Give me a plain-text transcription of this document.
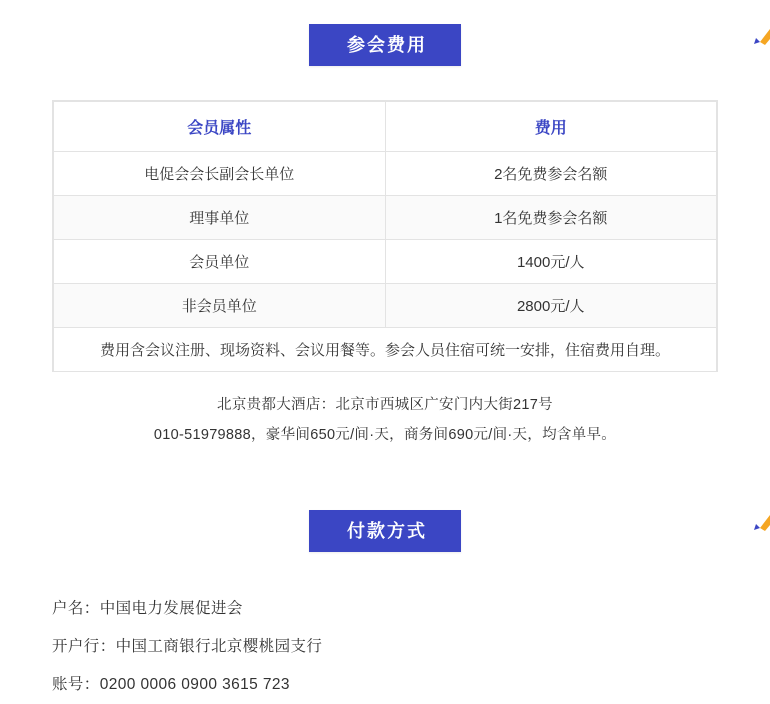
参会费用
会员属性	费用
电促会会长副会长单位	2名免费参会名额
理事单位	1名免费参会名额
会员单位	1400元/人
非会员单位	2800元/人
费用含会议注册、现场资料、会议用餐等。参会人员住宿可统一安排，住宿费用自理。	
北京贵都大酒店：北京市西城区广安门内大街217号
010-51979888，豪华间650元/间·天，商务间690元/间·天，均含单早。
付款方式
户名：中国电力发展促进会
开户行：中国工商银行北京樱桃园支行
账号：0200 0006 0900 3615 723
